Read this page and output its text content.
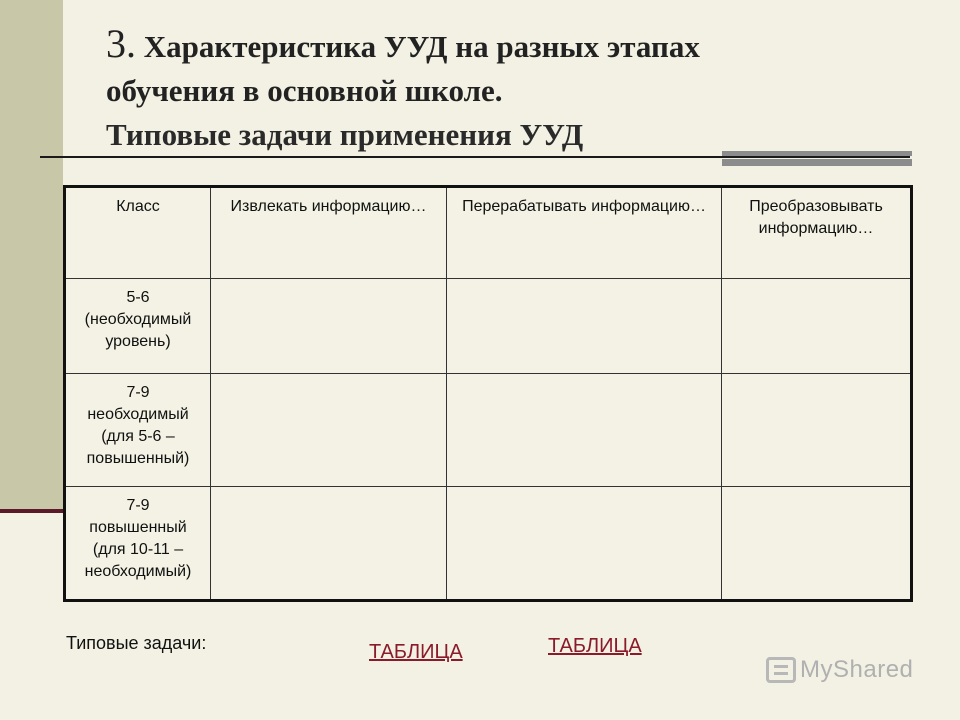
3. Характеристика УУД на разных этапах
обучения в основной школе.
Типовые задачи применения УУД
Класс	Извлекать информацию…	Перерабатывать информацию…	Преобразовывать информацию…
5-6 (необходимый уровень)			
7-9 необходимый (для 5-6 – повышенный)			
7-9 повышенный (для 10-11 – необходимый)			
Типовые задачи:	ТАБЛИЦА	ТАБЛИЦА
MyShared
